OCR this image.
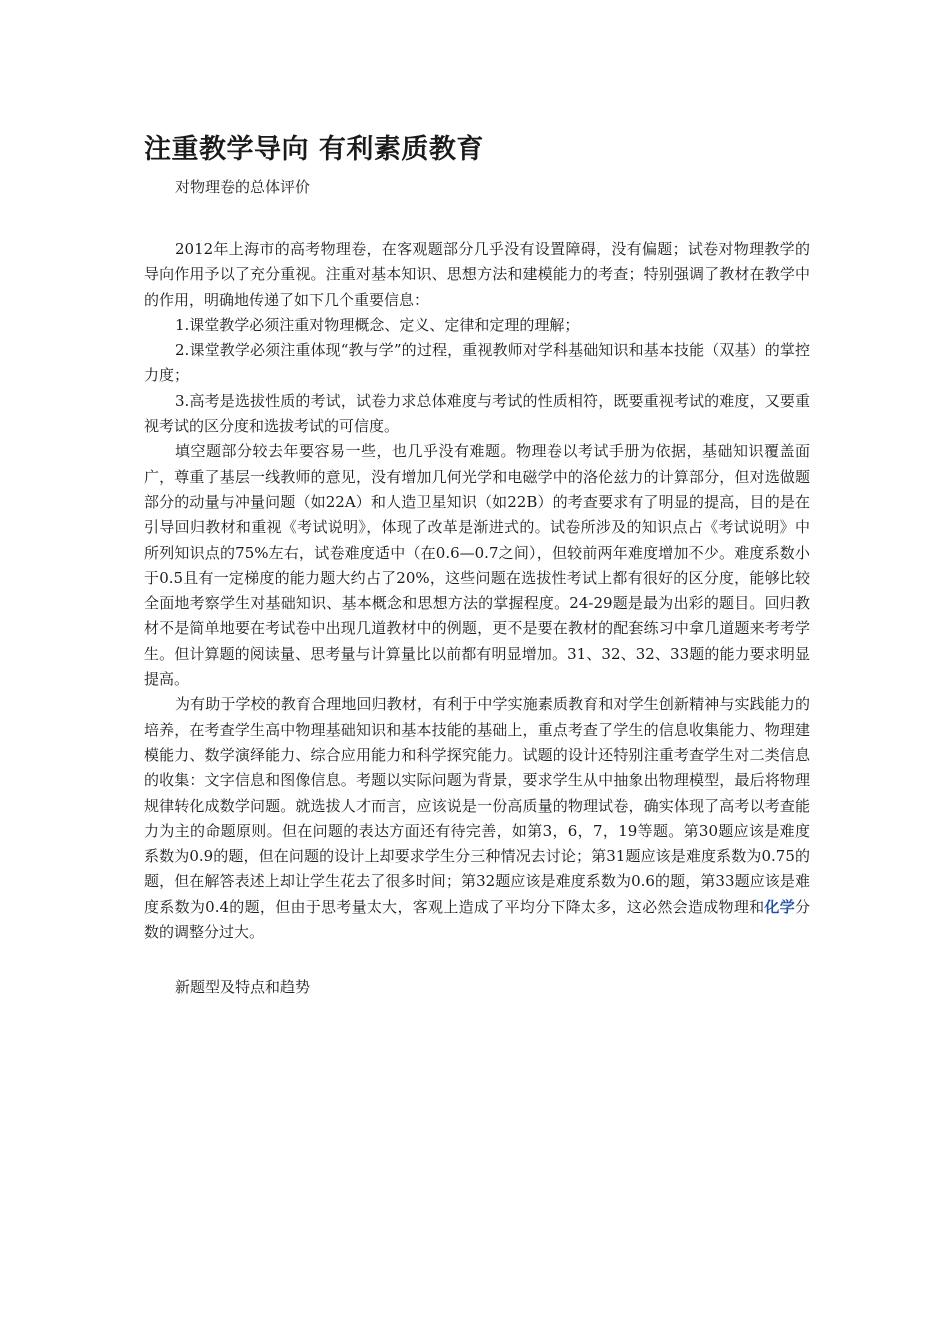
注重教学导向 有利素质教育
对物理卷的总体评价

2012年上海市的高考物理卷，在客观题部分几乎没有设置障碍，没有偏题；试卷对物理教学的导向作用予以了充分重视。注重对基本知识、思想方法和建模能力的考查；特别强调了教材在教学中的作用，明确地传递了如下几个重要信息：

1.课堂教学必须注重对物理概念、定义、定律和定理的理解；

2.课堂教学必须注重体现“教与学”的过程，重视教师对学科基础知识和基本技能（双基）的掌控力度；

3.高考是选拔性质的考试，试卷力求总体难度与考试的性质相符，既要重视考试的难度，又要重视考试的区分度和选拔考试的可信度。

填空题部分较去年要容易一些，也几乎没有难题。物理卷以考试手册为依据，基础知识覆盖面广，尊重了基层一线教师的意见，没有增加几何光学和电磁学中的洛伦兹力的计算部分，但对选做题部分的动量与冲量问题（如22A）和人造卫星知识（如22B）的考查要求有了明显的提高，目的是在引导回归教材和重视《考试说明》，体现了改革是渐进式的。试卷所涉及的知识点占《考试说明》中所列知识点的75%左右，试卷难度适中（在0.6—0.7之间），但较前两年难度增加不少。难度系数小于0.5且有一定梯度的能力题大约占了20%，这些问题在选拔性考试上都有很好的区分度，能够比较全面地考察学生对基础知识、基本概念和思想方法的掌握程度。24-29题是最为出彩的题目。回归教材不是简单地要在考试卷中出现几道教材中的例题，更不是要在教材的配套练习中拿几道题来考考学生。但计算题的阅读量、思考量与计算量比以前都有明显增加。31、32、32、33题的能力要求明显提高。

为有助于学校的教育合理地回归教材，有利于中学实施素质教育和对学生创新精神与实践能力的培养，在考查学生高中物理基础知识和基本技能的基础上，重点考查了学生的信息收集能力、物理建模能力、数学演绎能力、综合应用能力和科学探究能力。试题的设计还特别注重考查学生对二类信息的收集：文字信息和图像信息。考题以实际问题为背景，要求学生从中抽象出物理模型，最后将物理规律转化成数学问题。就选拔人才而言，应该说是一份高质量的物理试卷，确实体现了高考以考查能力为主的命题原则。但在问题的表达方面还有待完善，如第3，6，7，19等题。第30题应该是难度系数为0.9的题，但在问题的设计上却要求学生分三种情况去讨论；第31题应该是难度系数为0.75的题，但在解答表述上却让学生花去了很多时间；第32题应该是难度系数为0.6的题，第33题应该是难度系数为0.4的题，但由于思考量太大，客观上造成了平均分下降太多，这必然会造成物理和化学分数的调整分过大。

新题型及特点和趋势
